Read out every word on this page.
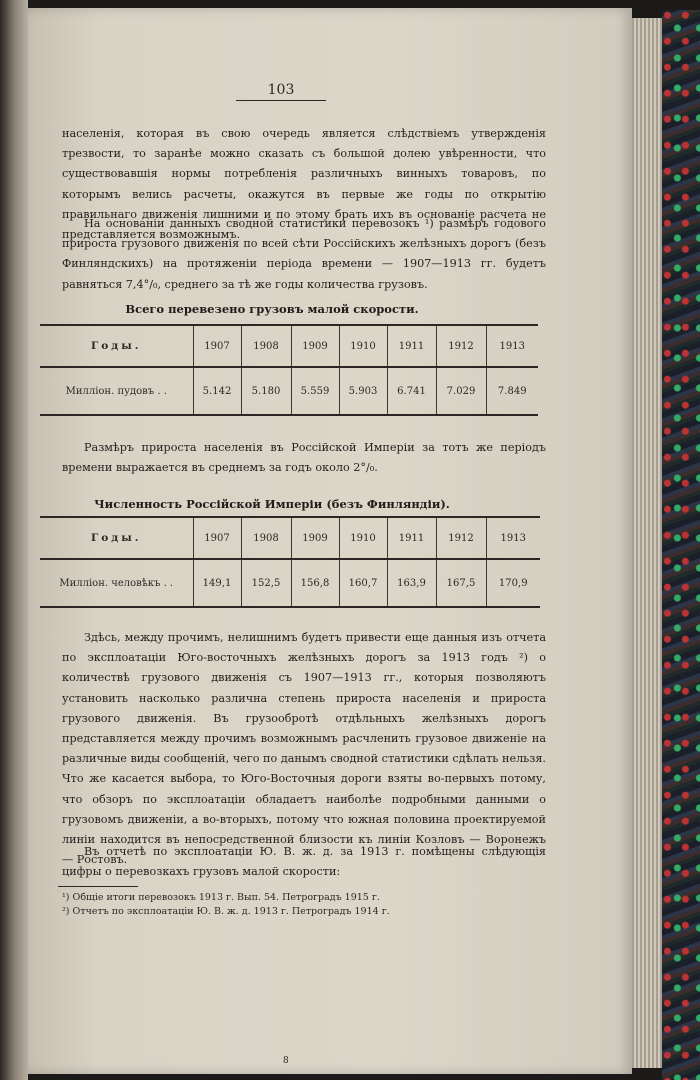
103

населенія, которая въ свою очередь является слѣдствіемъ утвержденія трезвости, то заранѣе можно сказать съ большой долею увѣренности, что существовавшія нормы потребленія различныхъ винныхъ товаровъ, по которымъ велись расчеты, окажутся въ первые же годы по открытію правильнаго движенія лишними и по этому брать ихъ въ основаніе расчета не представляется возможнымъ.

На основаніи данныхъ сводной статистики перевозокъ ¹) размѣръ годового прироста грузового движенія по всей сѣти Россійскихъ желѣзныхъ дорогъ (безъ Финляндскихъ) на протяженіи періода времени — 1907—1913 гг. будетъ равняться 7,4°/₀, среднего за тѣ же годы количества грузовъ.

Всего перевезено грузовъ малой скорости.
Годы.	1907	1908	1909	1910	1911	1912	1913
Милліон. пудовъ . .	5.142	5.180	5.559	5.903	6.741	7.029	7.849

Размѣръ прироста населенія въ Россійской Имперіи за тотъ же періодъ времени выражается въ среднемъ за годъ около 2°/₀.

Численность Россійской Имперіи (безъ Финляндіи).
Годы.	1907	1908	1909	1910	1911	1912	1913
Милліон. человѣкъ . .	149,1	152,5	156,8	160,7	163,9	167,5	170,9

Здѣсь, между прочимъ, нелишнимъ будетъ привести еще данныя изъ отчета по эксплоатаціи Юго-восточныхъ желѣзныхъ дорогъ за 1913 годъ ²) о количествѣ грузового движенія съ 1907—1913 гг., которыя позволяютъ установить насколько различна степень прироста населенія и прироста грузового движенія. Въ грузообротѣ отдѣльныхъ желѣзныхъ дорогъ представляется между прочимъ возможнымъ расчленить грузовое движеніе на различные виды сообщеній, чего по данымъ сводной статистики сдѣлать нельзя. Что же касается выбора, то Юго-Восточныя дороги взяты во-первыхъ потому, что обзоръ по эксплоатаціи обладаетъ наиболѣе подробными данными о грузовомъ движеніи, а во-вторыхъ, потому что южная половина проектируемой линіи находится въ непосредственной близости къ линіи Козловъ — Воронежъ — Ростовъ.

Въ отчетѣ по эксплоатаціи Ю. В. ж. д. за 1913 г. помѣщены слѣдующія цифры о перевозкахъ грузовъ малой скорости:

¹) Общіе итоги перевозокъ 1913 г. Вып. 54. Петроградъ 1915 г.

²) Отчетъ по эксплоатаціи Ю. В. ж. д. 1913 г. Петроградъ 1914 г.

8
